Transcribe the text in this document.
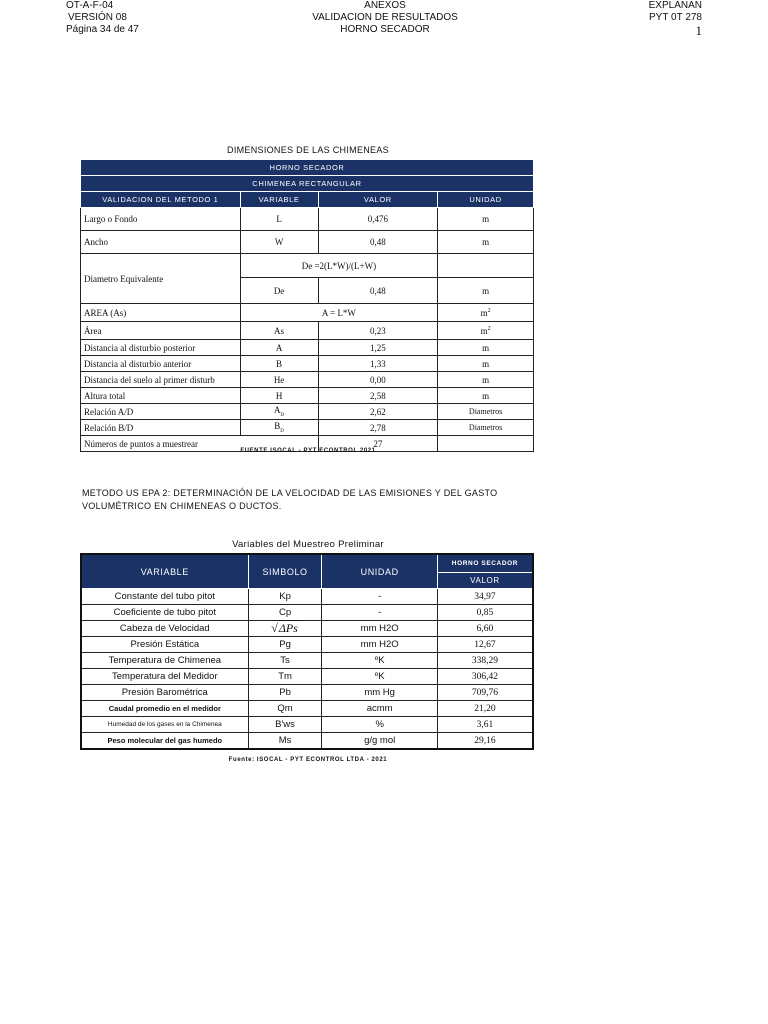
OT-A-F-04
VERSIÓN 08
Página 34 de 47
ANEXOS
VALIDACION DE RESULTADOS
HORNO SECADOR
EXPLANAN
PYT 0T 278
1
DIMENSIONES DE LAS CHIMENEAS
HORNO SECADOR			
CHIMENEA RECTANGULAR			
VALIDACION DEL METODO 1	VARIABLE	VALOR	UNIDAD
Largo o Fondo	L	0,476	m
Ancho	W	0,48	m
Diametro Equivalente	De =2(L*W)/(L+W)		
	De	0,48	m
AREA (As)	A = L*W		$m^2$
Área	As	0,23	$m^2$
Distancia al disturbio posterior	A	1,25	m
Distancia al disturbio anterior	B	1,33	m
Distancia del suelo al primer disturb	He	0,00	m
Altura total	H	2,58	m
Relación A/D	$A_D$	2,62	Diametros
Relación B/D	$B_D$	2,78	Diametros
Números de puntos a muestrear		27	
FUENTE ISOCAL - PYT ECONTROL 2021
METODO US EPA 2: DETERMINACIÓN DE LA VELOCIDAD DE LAS EMISIONES Y DEL GASTO VOLUMÉTRICO EN CHIMENEAS O DUCTOS.
Variables del Muestreo Preliminar
VARIABLE	SIMBOLO	UNIDAD	HORNO SECADOR
			VALOR
Constante del tubo pitot	Kp	-	34,97
Coeficiente de tubo pitot	Cp	-	0,85
Cabeza de Velocidad	√ΔPs	mm H2O	6,60
Presión Estática	Pg	mm H2O	12,67
Temperatura de Chimenea	Ts	ºK	338,29
Temperatura del Medidor	Tm	ºK	306,42
Presión Barométrica	Pb	mm Hg	709,76
Caudal promedio en el medidor	Qm	acmm	21,20
Humedad de los gases en la Chimenea	B'ws	%	3,61
Peso molecular del gas humedo	Ms	g/g mol	29,16
Fuente: ISOCAL - PYT ECONTROL LTDA - 2021
